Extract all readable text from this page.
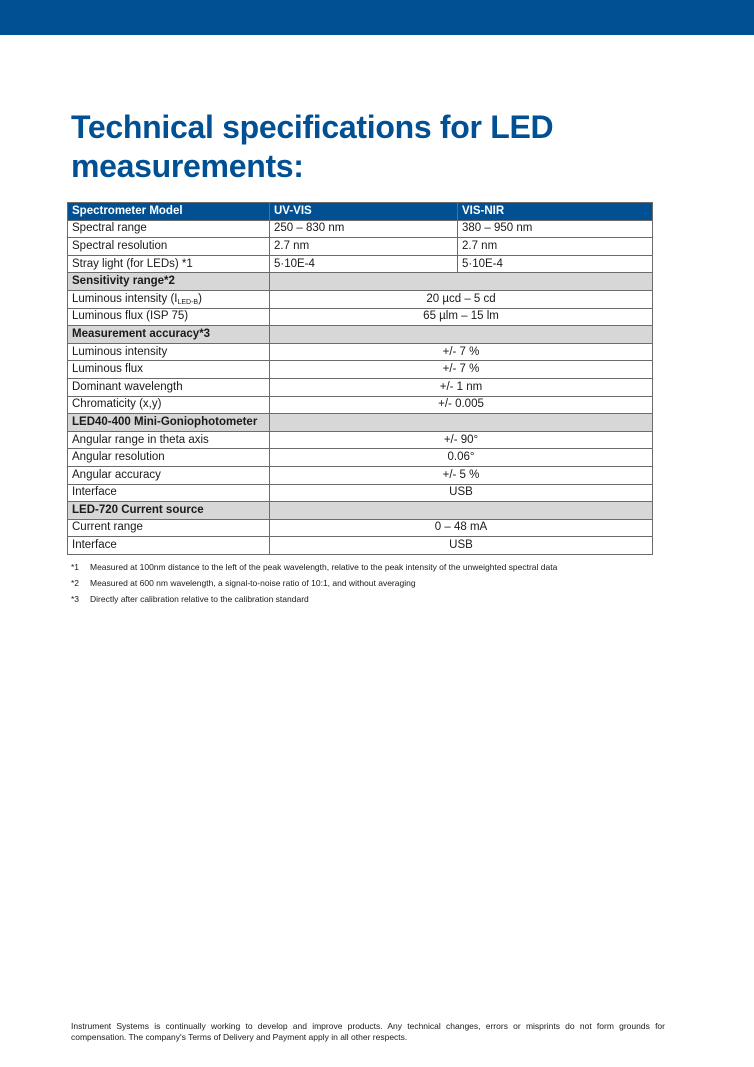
Technical specifications for LED
measurements:
Spectrometer Model	UV-VIS	VIS-NIR
Spectral range	250 – 830 nm	380 – 950 nm
Spectral resolution	2.7 nm	2.7 nm
Stray light (for LEDs) *1	5·10E-4	5·10E-4
Sensitivity range*2		
Luminous intensity $(I_{LED-B})$	20 µcd – 5 cd	
Luminous flux (ISP 75)	65 µlm – 15 lm	
Measurement accuracy*3		
Luminous intensity	+/- 7 %	
Luminous flux	+/- 7 %	
Dominant wavelength	+/- 1 nm	
Chromaticity (x,y)	+/- 0.005	
LED40-400 Mini-Goniophotometer		
Angular range in theta axis	+/- 90°	
Angular resolution	0.06°	
Angular accuracy	+/- 5 %	
Interface	USB	
LED-720 Current source		
Current range	0 – 48 mA	
Interface	USB	
*1	Measured at 100nm distance to the left of the peak wavelength, relative to the peak intensity of the unweighted spectral data
*2	Measured at 600 nm wavelength, a signal-to-noise ratio of 10:1, and without averaging
*3	Directly after calibration relative to the calibration standard
Instrument Systems is continually working to develop and improve products. Any technical changes, errors or misprints do not form grounds for compensation. The company's Terms of Delivery and Payment apply in all other respects.
